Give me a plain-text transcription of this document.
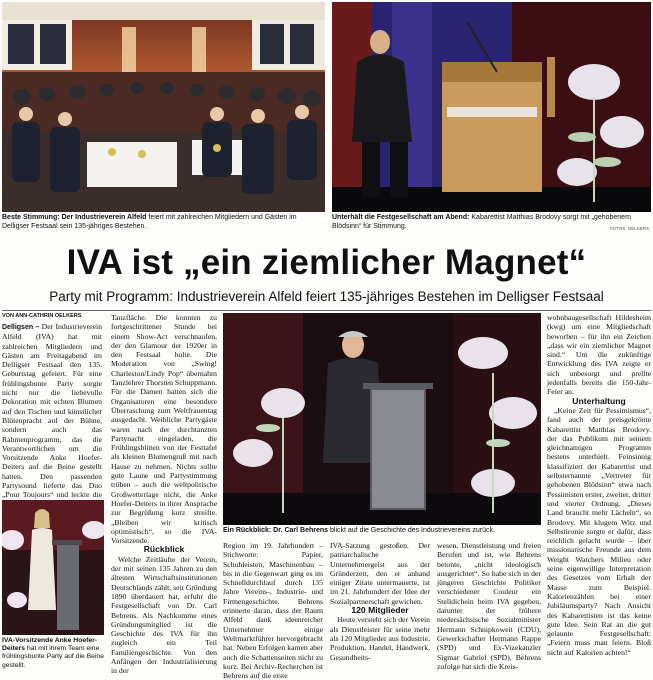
Beste Stimmung: Der Industrieverein Alfeld feiert mit zahlreichen Mitgliedern und Gästen im Delligser Festsaal sein 135-jähriges Bestehen.
Unterhält die Festgesellschaft am Abend: Kabarettist Matthias Brodovy sorgt mit „gehobenem Blödsinn“ für Stimmung.	FOTOS: OELKERS
IVA ist „ein ziemlicher Magnet“
Party mit Programm: Industrieverein Alfeld feiert 135-jähriges Bestehen im Delligser Festsaal
VON ANN-CATHRIN OELKERS

Delligsen – Der Industrieverein Alfeld (IVA) hat mit zahlreichen Mitgliedern und Gästen am Freitagabend im Delligser Festsaal den 135. Geburtstag gefeiert. Für eine frühlingsbunte Party sorgte nicht nur die liebevolle Dekoration mit echten Blumen auf den Tischen und künstlicher Blütenpracht auf der Bühne, sondern auch das Rahmenprogramm, das die Verantwortlichen um die Vorsitzende Anke Hoefer-Deiters auf die Beine gestellt hatten. Den passenden Partysound lieferte das Duo „Pour Toujours“ und leckte die

IVA-Vorsitzende Anke Hoefer-Deiters hat mit ihrem Team eine frühlingsbunte Party auf die Beine gestellt.

Tanzfläche. Die konnten zu fortgeschrittener Stunde bei einem Show-Act verschnaufen, der den Glamour der 1920er in den Festsaal holte. Die Moderation von „Swing! Charleston/Lindy Pop“ übernahm Tanzlehrer Thorsten Schuppmann. Für die Damen hatten sich die Organisatoren eine besondere Überraschung zum Weltfrauentag ausgedacht. Weibliche Partygäste waren nach der durchtanzten Partynacht eingeladen, die Frühlingsblüten von der Festtafel als kleinen Blumengruß mit nach Hause zu nehmen. Nichts sollte gute Laune und Partystimmung trüben – auch die weltpolitische Großwetterlage nicht, die Anke Hoefer-Deiters in ihrer Ansprache zur Begrüßung kurz streifte. „Bleiben wir kritisch optimistisch“, so die IVA-Vorsitzende.

Rückblick

Welche Zeitläufte der Verein, der mit seinen 135 Jahren zu den ältesten Wirtschaftsinstitutionen Deutschlands zählt, seit Gründung 1890 überdauert hat, erfuhr die Festgesellschaft von Dr. Carl Behrens. Als Nachkomme eines Gründungsmitglied ist die Geschichte des IVA für ihn zugleich ein Teil Familiengeschichte. Von den Anfängen der Industrialisierung in der

Ein Rückblick: Dr. Carl Behrens blickt auf die Geschichte des Industrievereins zurück.

Region im 19. Jahrhundert – Stichworte: Papier, Schuhleisten, Maschinenbau – bis in die Gegenwart ging es im Schnelldurchlauf durch 135 Jahre Vereins-, Industrie- und Firmengeschichte. Behrens erinnerte daran, dass der Raum Alfeld dank ideenreicher Unternehmer einige Weltmarktführer hervorgebracht hat. Neben Erfolgen kamen aber auch die Schattenseiten nicht zu kurz. Bei Archiv-Recherchen ist Behrens auf die erste

IVA-Satzung gestoßen. Der patriarchalische Unternehmergeist aus der Gründerzeit, den er anhand einiger Zitate untermauerte, ist im 21. Jahrhundert der Idee der Sozialpartnerschaft gewichen.

120 Mitglieder

Heute versteht sich der Verein als Dienstleister für seine mehr als 120 Mitglieder aus Industrie, Produktion, Handel, Handwerk, Gesundheits-

wesen, Dienstleistung und freien Berufen und ist, wie Behrens betonte, „nicht ideologisch ausgerichtet“. So habe sich in der jüngeren Geschichte Politiker verschiedener Couleur ein Stelldichein beim IVA gegeben, darunter der frühere niedersächsische Sozialminister Hermann Schnipkoweit (CDU), Gewerkschafter Hermann Rappe (SPD) und Ex-Vizekanzler Sigmar Gabriel (SPD). Behrens zufolge hat sich die Kreis-

wohnbaugesellschaft Hildesheim (kwg) um eine Mitgliedschaft beworben – für ihn ein Zeichen „dass wir ein ziemlicher Magnet sind.“ Um die zukünftige Entwicklung des IVA zeigte er sich unbesorgt und prellte jedenfalls bereits die 150-Jahr-Feier an.

Unterhaltung

„Keine Zeit für Pessimismus“, fand auch der preisgekrönte Kabarettist Matthias Brodovy. der das Publikum mit seinem gleichnamigen Programm bestens unterhielt. Feinsinnig klassifiziert der Kabarettist und selbsternannte „Vertreter für gehobenen Blödsinn“ etwa nach Pessimisten erster, zweiter, dritter und vierter Ordnung. „Dieses Land braucht mehr Lächeln“, so Brodovy. Mit klugem Witz und Selbstironie sorgte er dafür, dass reichlich gelacht wurde – über missionarische Freunde aus dem Weight Watchers Milieu oder seine eigenwillige Interpretation des Gesetzes vom Erhalt der Masse zum Beispiel. Kalorienzählen bei einer Jubiläumsparty? Nach Ansicht des Kabarettisten ist das keine gute Idee. Sein Rat an die gut gelaunte Festgesellschaft: „Feiern muss man feiern. Bloß nicht auf Kalorien achten!“
